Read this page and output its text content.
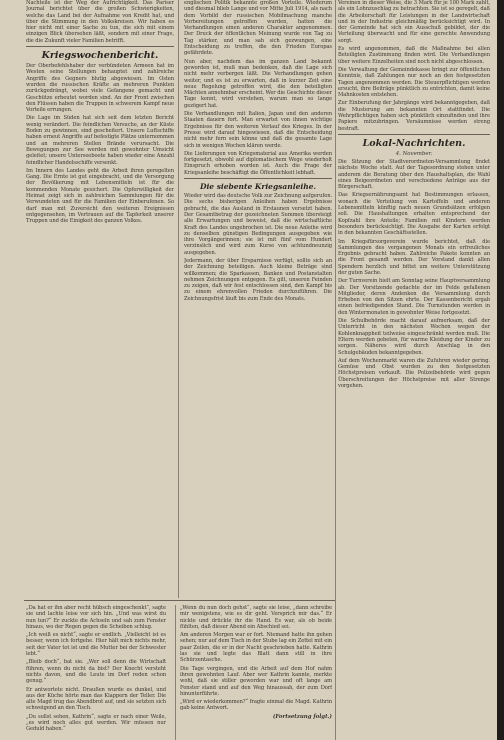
Nachteile ist der Weg der Aufrichtigkeit. Das Pariser Journal berichtet über die großen Schwierigkeiten, welche das Land bei der Aufnahme von Kredit hat, und über die Stimmung in den Volkskreisen. Wir haben es hier nicht mit einer Sache zu tun, die sich mit einem einzigen Blick übersehen läßt, sondern mit einer Frage, die die Zukunft vieler Familien betrifft.

Kriegswochenbericht.

Der Oberbefehlshaber der verbündeten Armeen hat im Westen seine Stellungen behauptet und zahlreiche Angriffe des Gegners blutig abgewiesen. Im Osten wurden die russischen Kräfte an mehreren Punkten zurückgedrängt, wobei viele Gefangene gemacht und Geschütze erbeutet worden sind. An der Front zwischen den Flüssen haben die Truppen in schwerem Kampf neue Vorteile errungen.

Die Lage im Süden hat sich seit dem letzten Bericht wenig verändert. Die feindlichen Versuche, an der Küste Boden zu gewinnen, sind gescheitert. Unsere Luftschiffe haben erneut Angriffe auf befestigte Plätze unternommen und an mehreren Stellen Brände verursacht. Die Bewegungen zur See werden mit gewohnter Umsicht geleitet; unsere Unterseeboote haben wieder eine Anzahl feindlicher Handelsschiffe versenkt.

Im Innern des Landes geht die Arbeit ihren geregelten Gang. Die Ernte ist gut eingebracht, und die Versorgung der Bevölkerung mit Lebensmitteln ist für die kommenden Monate gesichert. Die Opferwilligkeit der Heimat zeigt sich in zahlreichen Sammlungen für die Verwundeten und für die Familien der Einberufenen. So darf man mit Zuversicht den weiteren Ereignissen entgegensehen, im Vertrauen auf die Tapferkeit unserer Truppen und die Einigkeit des ganzen Volkes.

englischen Politik bekannte großen Vorteile. Wiederum und diesmal blieb Lange und vor Mitte Juli 1914, als nach dem Vorbild der russischen Mobilmachung manche Vorbereitungen getroffen wurden, hatten die Verhandlungen einen anderen Charakter angenommen. Der Druck der öffentlichen Meinung wurde von Tag zu Tag stärker, und man sah sich gezwungen, eine Entscheidung zu treffen, die den Frieden Europas gefährdete.

Nun aber, nachdem das im ganzen Land bekannt geworden ist, muß man bedenken, daß die Lage sich nicht mehr verbergen läßt. Die Verhandlungen gehen weiter, und es ist zu erwarten, daß in kurzer Zeit eine neue Regelung getroffen wird, die den beteiligten Mächten annehmbar erscheint. Wer die Geschichte dieser Tage kennt, wird verstehen, warum man so lange gezögert hat.

Die Verhandlungen mit Italien, Japan und den anderen Staaten dauern fort. Man erwartet von ihnen wichtige Ergebnisse für den weiteren Verlauf des Krieges. In der Presse wird darauf hingewiesen, daß die Entscheidung nicht mehr fern sein könne und daß die gesamte Lage sich in wenigen Wochen klären werde.

Die Lieferungen von Kriegsmaterial aus Amerika werden fortgesetzt, obwohl auf diplomatischem Wege wiederholt Einspruch erhoben worden ist. Auch die Frage der Kriegsanleihe beschäftigt die Öffentlichkeit lebhaft.

Die siebente Kriegsanleihe.

Wieder wird das deutsche Volk zur Zeichnung aufgerufen. Die sechs bisherigen Anleihen haben Ergebnisse gebracht, die das Ausland in Erstaunen versetzt haben. Der Gesamtbetrag der gezeichneten Summen übersteigt alle Erwartungen und beweist, daß die wirtschaftliche Kraft des Landes ungebrochen ist. Die neue Anleihe wird zu denselben günstigen Bedingungen ausgegeben wie ihre Vorgängerinnen; sie ist mit fünf vom Hundert verzinslich und wird zum Kurse von achtundneunzig ausgegeben.

Jedermann, der über Ersparnisse verfügt, sollte sich an der Zeichnung beteiligen. Auch kleine Beträge sind willkommen; die Sparkassen, Banken und Postanstalten nehmen Zeichnungen entgegen. Es gilt, unseren Feinden zu zeigen, daß wir fest entschlossen sind, den Kampf bis zu einem ehrenvollen Frieden durchzuführen. Die Zeichnungsfrist läuft bis zum Ende des Monats.

Vereinen in dieser Weise, die 3 Mark für je 100 Mark zahlt, als ein Lohnzuschlag zu betrachten. Sie ist so geregelt, daß die Arbeiterschaft für Leistungen in der Landwirtschaft und in der Industrie gleichmäßig berücksichtigt wird. In der Gemeinde hat sich ein Ausschuß gebildet, der die Verteilung überwacht und für eine gerechte Anwendung sorgt.

Es wird angenommen, daß die Maßnahme bei allen Beteiligten Zustimmung finden wird. Die Verhandlungen über weitere Einzelheiten sind noch nicht abgeschlossen.

Die Verwaltung der Gemeindekasse bringt zur öffentlichen Kenntnis, daß Zahlungen nur noch an den festgesetzten Tagen angenommen werden. Die Steuerpflichtigen werden ersucht, ihre Beiträge pünktlich zu entrichten, damit keine Mahnkosten entstehen.

Zur Einberufung der Jahrgänge wird bekanntgegeben, daß die Musterung am bekannten Ort stattfindet. Die Wehrpflichtigen haben sich pünktlich einzufinden und ihre Papiere mitzubringen. Versäumnisse werden streng bestraft.

Lokal-Nachrichten.
4. November.

Die Sitzung der Stadtverordneten-Versammlung findet nächste Woche statt. Auf der Tagesordnung stehen unter anderem die Beratung über den Haushaltsplan, die Wahl eines Beigeordneten und verschiedene Anträge aus der Bürgerschaft.

Das Kriegsernährungsamt hat Bestimmungen erlassen, wonach die Verteilung von Kartoffeln und anderen Lebensmitteln künftig nach neuen Grundsätzen erfolgen soll. Die Haushaltungen erhalten entsprechend der Kopfzahl ihre Anteile; Familien mit Kindern werden besonders berücksichtigt. Die Ausgabe der Karten erfolgt in den bekannten Geschäftsstellen.

Im Kriegsfürsorgeverein wurde berichtet, daß die Sammlungen des vergangenen Monats ein erfreuliches Ergebnis gebracht haben. Zahlreiche Pakete konnten an die Front gesandt werden. Der Vorstand dankt allen Spendern herzlich und bittet um weitere Unterstützung der guten Sache.

Der Turnverein hielt am Sonntag seine Hauptversammlung ab. Der Vorsitzende gedachte der im Felde gefallenen Mitglieder, deren Andenken die Versammlung durch Erheben von den Sitzen ehrte. Der Kassenbericht ergab einen befriedigenden Stand. Die Turnstunden werden in den Wintermonaten in gewohnter Weise fortgesetzt.

Die Schulbehörde macht darauf aufmerksam, daß der Unterricht in den nächsten Wochen wegen der Kohlenknappheit teilweise eingeschränkt werden muß. Die Eltern werden gebeten, für warme Kleidung der Kinder zu sorgen. Näheres wird durch Anschlag in den Schulgebäuden bekanntgegeben.

Auf dem Wochenmarkt waren die Zufuhren wieder gering. Gemüse und Obst wurden zu den festgesetzten Höchstpreisen verkauft. Die Polizeibehörde wird gegen Überschreitungen der Höchstpreise mit aller Strenge vorgehen.

„Da hat er ihn aber recht hübsch eingeschenkt“, sagte sie und lachte leise vor sich hin. „Und was wirst du nun tun?“ Er zuckte die Achseln und sah zum Fenster hinaus, wo der Regen gegen die Scheiben schlug.

„Ich weiß es nicht“, sagte er endlich. „Vielleicht ist es besser, wenn ich fortgehe. Hier hält mich nichts mehr, seit der Vater tot ist und die Mutter bei der Schwester lebt.“

„Bleib doch“, bat sie. „Wer soll denn die Wirtschaft führen, wenn du nicht da bist? Der Knecht versteht nichts davon, und die Leute im Dorf reden schon genug.“

Er antwortete nicht. Draußen wurde es dunkel, und aus der Küche hörte man das Klappern der Teller. Die alte Magd trug das Abendbrot auf, und sie setzten sich schweigend an den Tisch.

„Du sollst sehen, Kathrin“, sagte er nach einer Weile, „es wird noch alles gut werden. Wir müssen nur Geduld haben.“

„Wenn du nun doch gehst“, sagte sie leise, „dann schreibe mir wenigstens, wie es dir geht. Versprich mir das.“ Er nickte und drückte ihr die Hand. Es war, als ob beide fühlten, daß dieser Abend ein Abschied sei.

Am anderen Morgen war er fort. Niemand hatte ihn gehen sehen; nur auf dem Tisch in der Stube lag ein Zettel mit ein paar Zeilen, die er in der Nacht geschrieben hatte. Kathrin las sie und legte das Blatt dann still in ihre Schürzentasche.

Die Tage vergingen, und die Arbeit auf dem Hof nahm ihren gewohnten Lauf. Aber wer Kathrin kannte, merkte wohl, daß sie stiller geworden war und oft lange am Fenster stand und auf den Weg hinaussah, der zum Dorf hinunterführte.

„Wird er wiederkommen?“ fragte einmal die Magd. Kathrin gab keine Antwort.

(Fortsetzung folgt.)
